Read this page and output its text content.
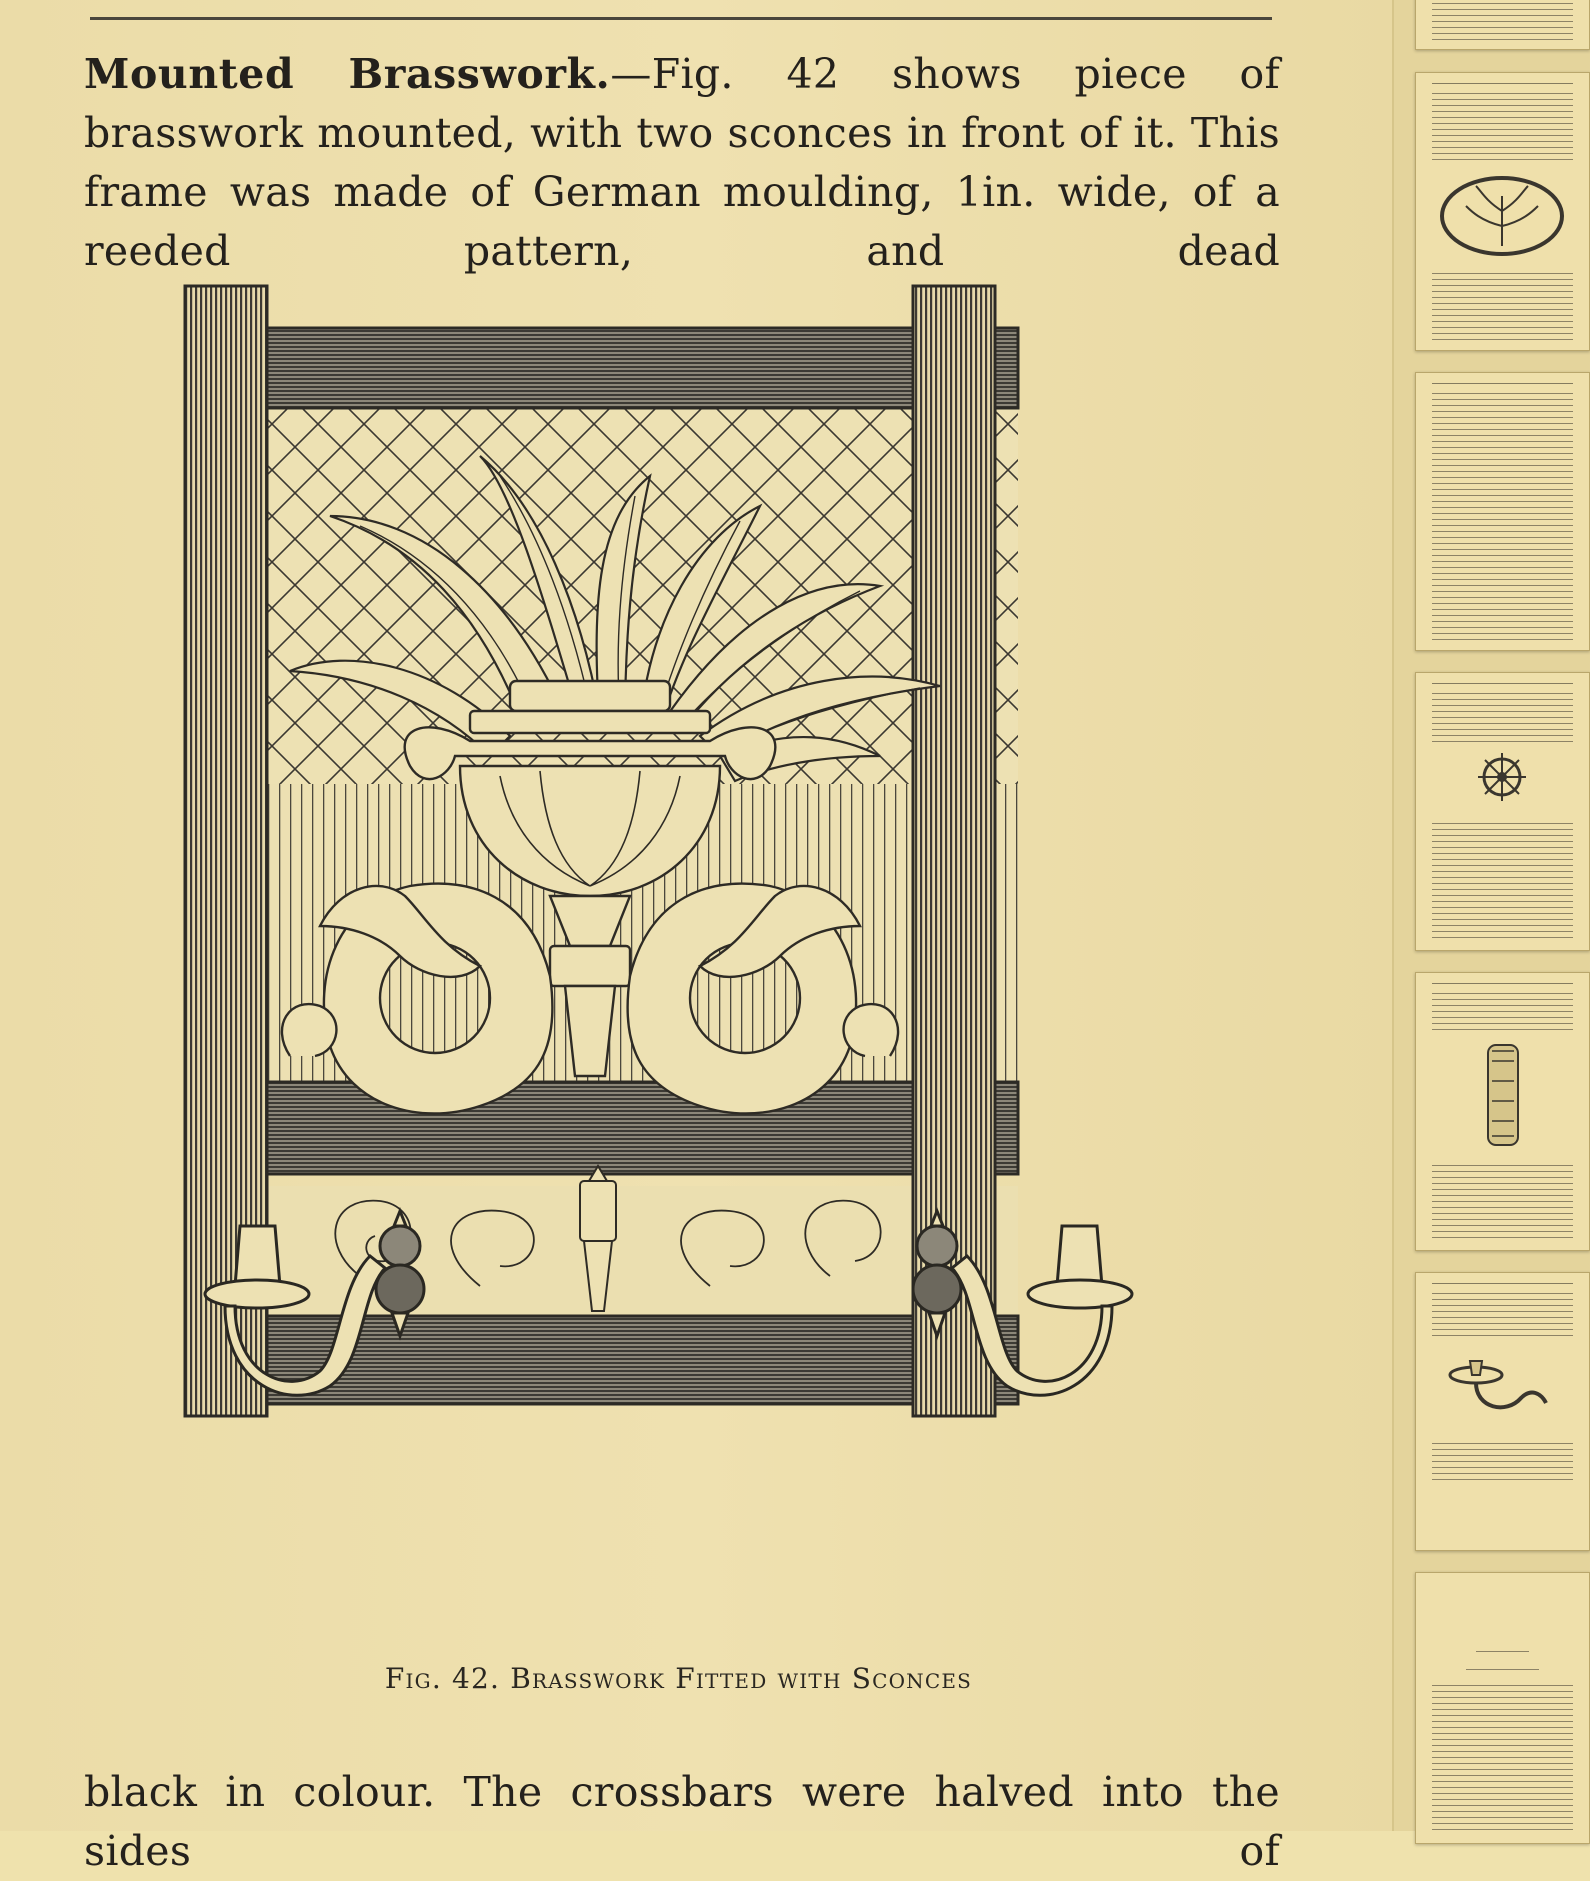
Mounted Brasswork.—Fig. 42 shows piece of brasswork mounted, with two sconces in front of it. This frame was made of German moulding, 1in. wide, of a reeded pattern, and dead

Fig. 42. Brasswork Fitted with Sconces

black in colour. The crossbars were halved into the sides of
